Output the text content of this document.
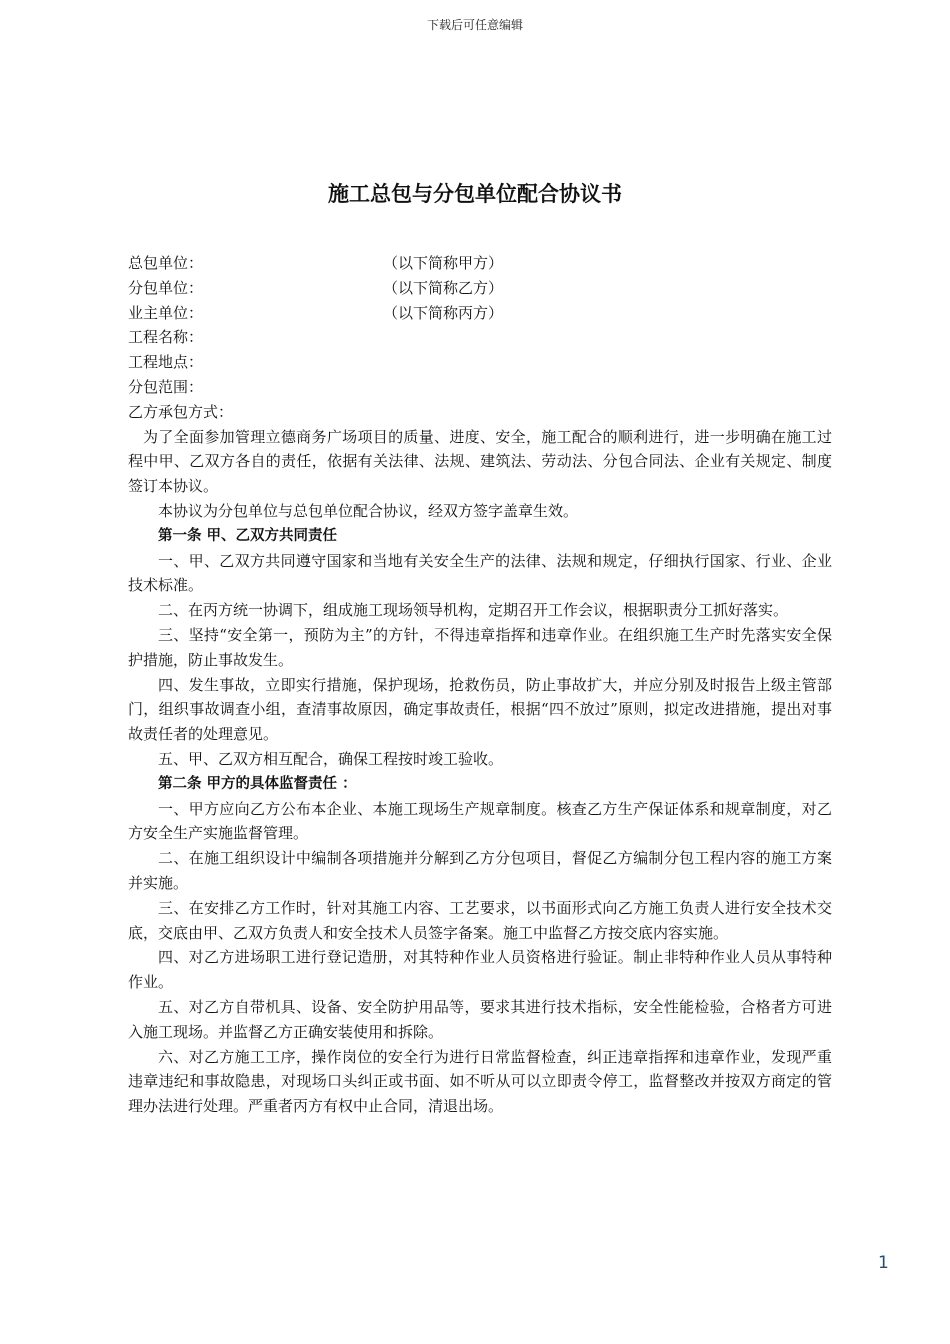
下载后可任意编辑
施工总包与分包单位配合协议书
总包单位：	（以下简称甲方）
分包单位：	（以下简称乙方）
业主单位：	（以下简称丙方）
工程名称：
工程地点：
分包范围：
乙方承包方式：

为了全面参加管理立德商务广场项目的质量、进度、安全，施工配合的顺利进行，进一步明确在施工过程中甲、乙双方各自的责任，依据有关法律、法规、建筑法、劳动法、分包合同法、企业有关规定、制度签订本协议。

本协议为分包单位与总包单位配合协议，经双方签字盖章生效。

第一条 甲、乙双方共同责任

一、甲、乙双方共同遵守国家和当地有关安全生产的法律、法规和规定，仔细执行国家、行业、企业技术标准。

二、在丙方统一协调下，组成施工现场领导机构，定期召开工作会议，根据职责分工抓好落实。

三、坚持“安全第一，预防为主”的方针，不得违章指挥和违章作业。在组织施工生产时先落实安全保护措施，防止事故发生。

四、发生事故，立即实行措施，保护现场，抢救伤员，防止事故扩大，并应分别及时报告上级主管部门，组织事故调查小组，查清事故原因，确定事故责任，根据“四不放过”原则，拟定改进措施，提出对事故责任者的处理意见。

五、甲、乙双方相互配合，确保工程按时竣工验收。

第二条 甲方的具体监督责任 ：

一、甲方应向乙方公布本企业、本施工现场生产规章制度。核查乙方生产保证体系和规章制度，对乙方安全生产实施监督管理。

二、在施工组织设计中编制各项措施并分解到乙方分包项目，督促乙方编制分包工程内容的施工方案并实施。

三、在安排乙方工作时，针对其施工内容、工艺要求，以书面形式向乙方施工负责人进行安全技术交底，交底由甲、乙双方负责人和安全技术人员签字备案。施工中监督乙方按交底内容实施。

四、对乙方进场职工进行登记造册，对其特种作业人员资格进行验证。制止非特种作业人员从事特种作业。

五、对乙方自带机具、设备、安全防护用品等，要求其进行技术指标，安全性能检验，合格者方可进入施工现场。并监督乙方正确安装使用和拆除。

六、对乙方施工工序，操作岗位的安全行为进行日常监督检查，纠正违章指挥和违章作业，发现严重违章违纪和事故隐患，对现场口头纠正或书面、如不听从可以立即责令停工，监督整改并按双方商定的管理办法进行处理。严重者丙方有权中止合同，清退出场。

1
